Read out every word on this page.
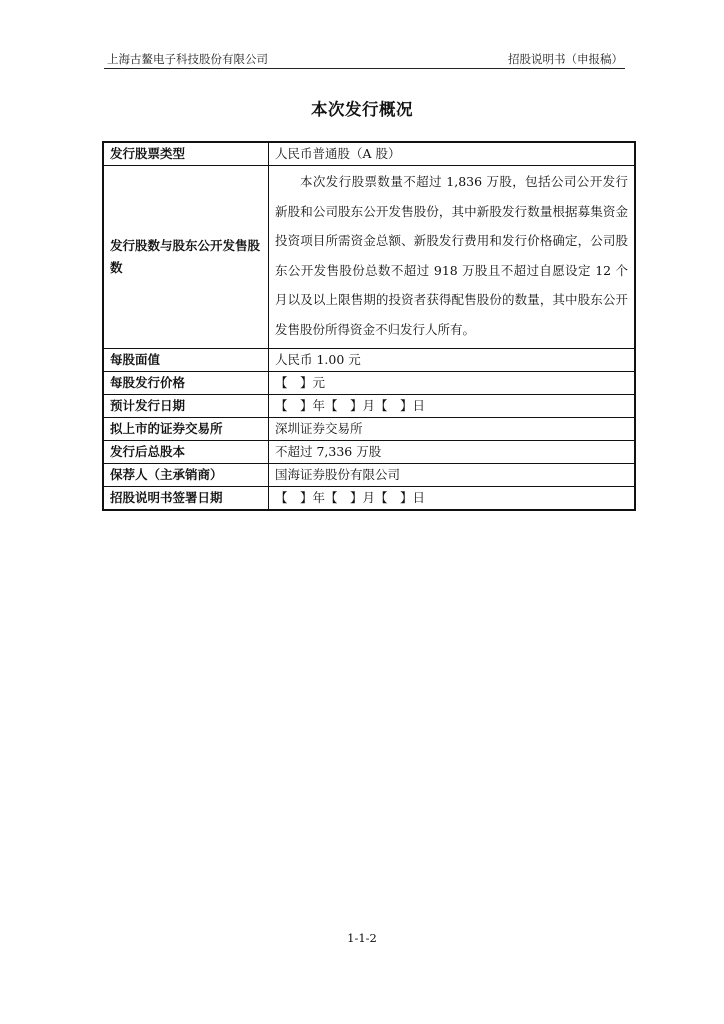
上海古鳌电子科技股份有限公司	招股说明书（申报稿）
本次发行概况
发行股票类型	人民币普通股（A 股）
发行股数与股东公开发售股数	本次发行股票数量不超过 1,836 万股，包括公司公开发行新股和公司股东公开发售股份，其中新股发行数量根据募集资金投资项目所需资金总额、新股发行费用和发行价格确定，公司股东公开发售股份总数不超过 918 万股且不超过自愿设定 12 个月以及以上限售期的投资者获得配售股份的数量，其中股东公开发售股份所得资金不归发行人所有。
每股面值	人民币 1.00 元
每股发行价格	【　】元
预计发行日期	【　】年【　】月【　】日
拟上市的证券交易所	深圳证券交易所
发行后总股本	不超过 7,336 万股
保荐人（主承销商）	国海证券股份有限公司
招股说明书签署日期	【　】年【　】月【　】日
1-1-2
